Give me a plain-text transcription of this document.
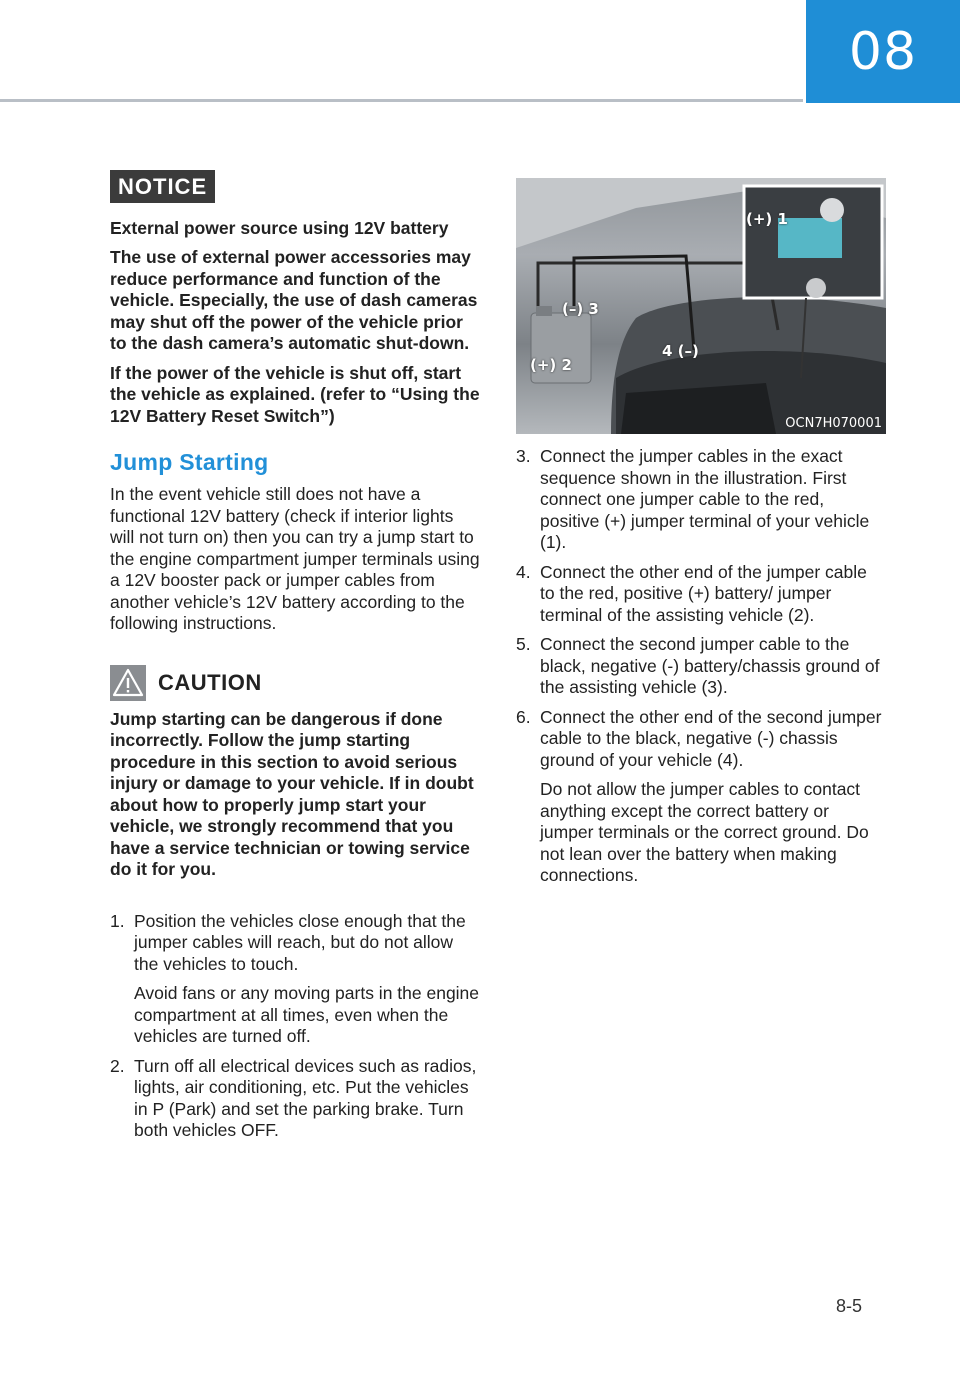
08
NOTICE
External power source using 12V battery
The use of external power accessories may reduce performance and function of the vehicle. Especially, the use of dash cameras may shut off the power of the vehicle prior to the dash camera’s automatic shut-down.
If the power of the vehicle is shut off, start the vehicle as explained. (refer to “Using the 12V Battery Reset Switch”)
Jump Starting
In the event vehicle still does not have a functional 12V battery (check if interior lights will not turn on) then you can try a jump start to the engine compartment jumper terminals using a 12V booster pack or jumper cables from another vehicle’s 12V battery according to the following instructions.
CAUTION
Jump starting can be dangerous if done incorrectly. Follow the jump starting procedure in this section to avoid serious injury or damage to your vehicle. If in doubt about how to properly jump start your vehicle, we strongly recommend that you have a service technician or towing service do it for you.
1. Position the vehicles close enough that the jumper cables will reach, but do not allow the vehicles to touch.
Avoid fans or any moving parts in the engine compartment at all times, even when the vehicles are turned off.
2. Turn off all electrical devices such as radios, lights, air conditioning, etc. Put the vehicles in P (Park) and set the parking brake. Turn both vehicles OFF.
(+) 1
(+) 2
(–) 3
4 (–)
OCN7H070001
3. Connect the jumper cables in the exact sequence shown in the illustration. First connect one jumper cable to the red, positive (+) jumper terminal of your vehicle (1).
4. Connect the other end of the jumper cable to the red, positive (+) battery/ jumper terminal of the assisting vehicle (2).
5. Connect the second jumper cable to the black, negative (-) battery/chassis ground of the assisting vehicle (3).
6. Connect the other end of the second jumper cable to the black, negative (-) chassis ground of your vehicle (4).
Do not allow the jumper cables to contact anything except the correct battery or jumper terminals or the correct ground. Do not lean over the battery when making connections.
8-5
